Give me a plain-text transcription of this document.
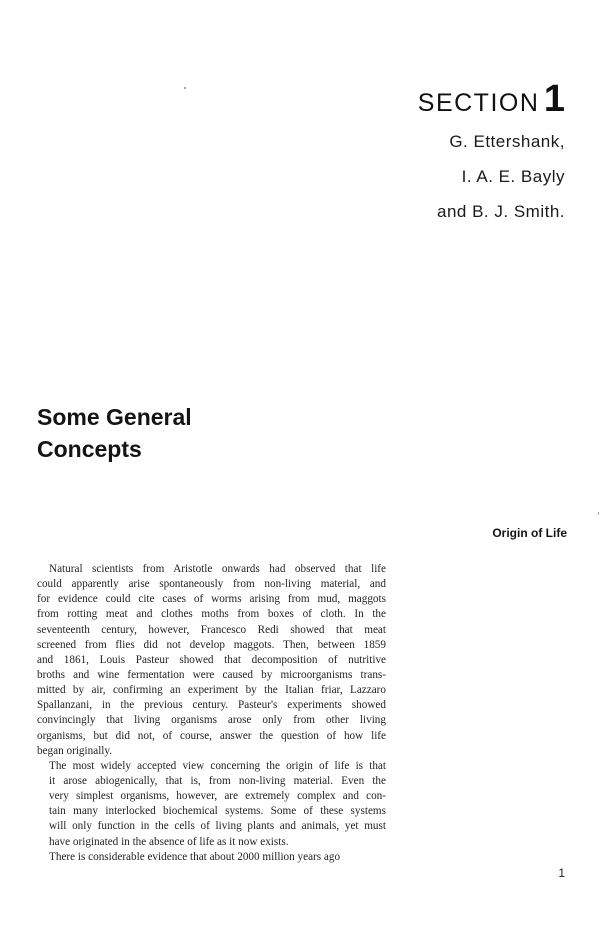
SECTION 1
G. Ettershank,
I. A. E. Bayly
and B. J. Smith.
Some General
Concepts
Origin of Life
Natural scientists from Aristotle onwards had observed that life
could apparently arise spontaneously from non-living material, and
for evidence could cite cases of worms arising from mud, maggots
from rotting meat and clothes moths from boxes of cloth. In the
seventeenth century, however, Francesco Redi showed that meat
screened from flies did not develop maggots. Then, between 1859
and 1861, Louis Pasteur showed that decomposition of nutritive
broths and wine fermentation were caused by microorganisms trans-
mitted by air, confirming an experiment by the Italian friar, Lazzaro
Spallanzani, in the previous century. Pasteur's experiments showed
convincingly that living organisms arose only from other living
organisms, but did not, of course, answer the question of how life
began originally.
The most widely accepted view concerning the origin of life is that
it arose abiogenically, that is, from non-living material. Even the
very simplest organisms, however, are extremely complex and con-
tain many interlocked biochemical systems. Some of these systems
will only function in the cells of living plants and animals, yet must
have originated in the absence of life as it now exists.
There is considerable evidence that about 2000 million years ago
1
